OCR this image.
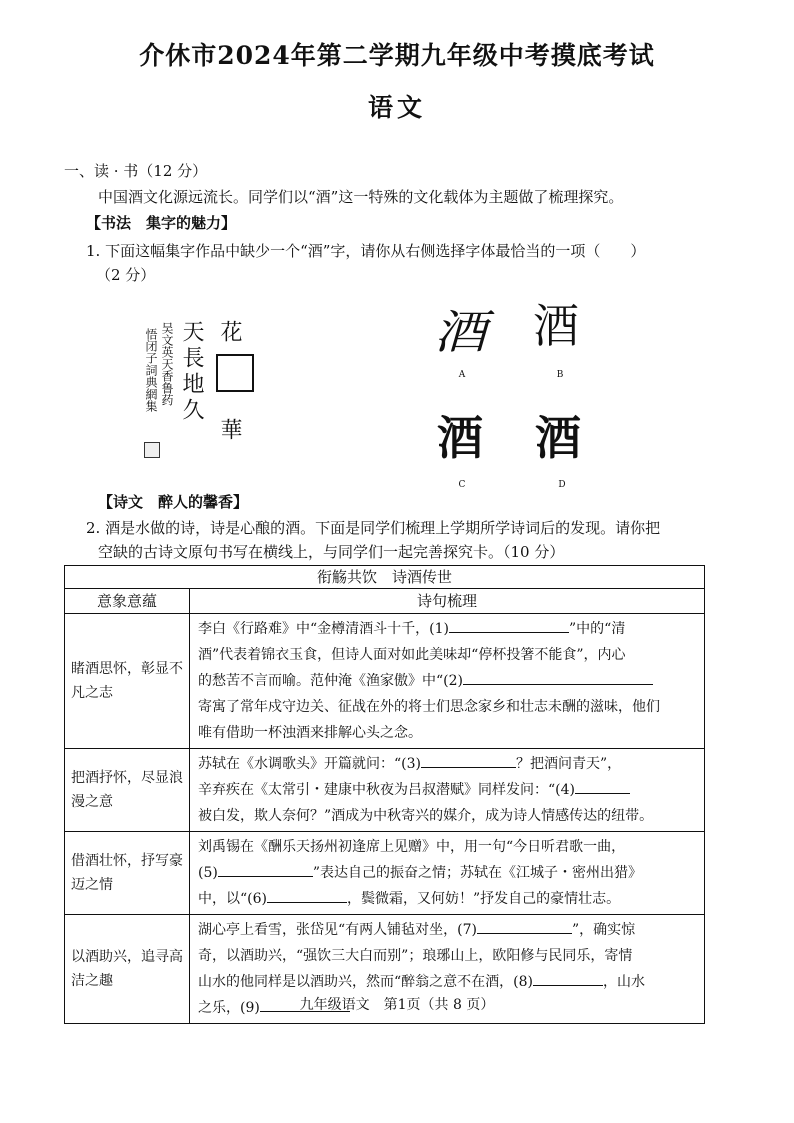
介休市2024年第二学期九年级中考摸底考试
语文
一、读 · 书（12 分）
中国酒文化源远流长。同学们以“酒”这一特殊的文化载体为主题做了梳理探究。
【书法　集字的魅力】
1. 下面这幅集字作品中缺少一个“酒”字，请你从右侧选择字体最恰当的一项（ ）
（2 分）
花
華
天長地久
吴文英天香鲁药
悟闭子詞典網集	酒
A
酒
B
酒
C
酒
D
【诗文　醉人的馨香】
2. 酒是水做的诗，诗是心酿的酒。下面是同学们梳理上学期所学诗词后的发现。请你把
空缺的古诗文原句书写在横线上，与同学们一起完善探究卡。（10 分）
衔觞共饮　诗酒传世	
意象意蕴	诗句梳理
睹酒思怀，彰显不凡之志	李白《行路难》中“金樽清酒斗十千，(1) ”中的“清
酒”代表着锦衣玉食，但诗人面对如此美味却“停杯投箸不能食”，内心
的愁苦不言而喻。范仲淹《渔家傲》中“(2)
寄寓了常年戍守边关、征战在外的将士们思念家乡和壮志未酬的滋味，他们
唯有借助一杯浊酒来排解心头之念。

把酒抒怀，尽显浪漫之意	苏轼在《水调歌头》开篇就问：“(3) ？把酒问青天”，
辛弃疾在《太常引・建康中秋夜为吕叔潜赋》同样发问：“(4)
被白发，欺人奈何？”酒成为中秋寄兴的媒介，成为诗人情感传达的纽带。

借酒壮怀，抒写豪迈之情	刘禹锡在《酬乐天扬州初逢席上见赠》中，用一句“今日听君歌一曲，
(5) ”表达自己的振奋之情；苏轼在《江城子・密州出猎》
中，以“(6) ，鬓微霜，又何妨！”抒发自己的豪情壮志。

以酒助兴，追寻高洁之趣	湖心亭上看雪，张岱见“有两人铺毡对坐，(7) ”，确实惊
奇，以酒助兴，“强饮三大白而别”；琅琊山上，欧阳修与民同乐，寄情
山水的他同样是以酒助兴，然而“醉翁之意不在酒，(8) ，山水
之乐，(9)	九年级语文　第1页（共 8 页）
